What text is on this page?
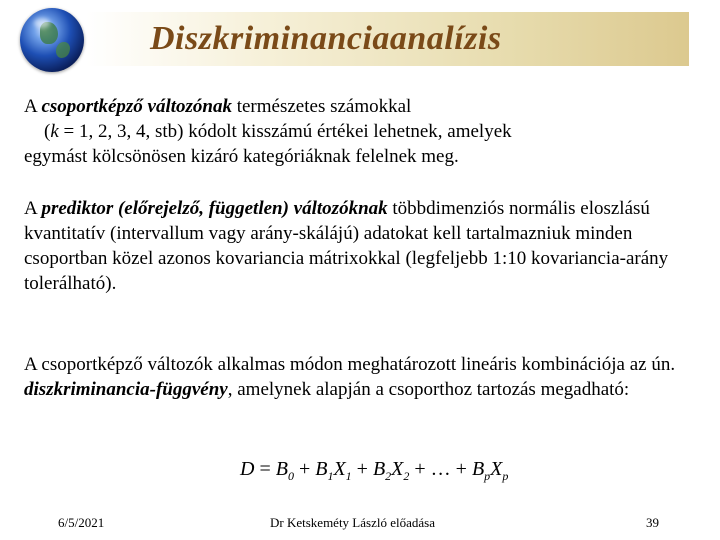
Diszkriminanciaanalízis
A csoportképző változónak természetes számokkal
(k = 1, 2, 3, 4, stb) kódolt kisszámú értékei lehetnek, amelyek
egymást kölcsönösen kizáró kategóriáknak felelnek meg.
A prediktor (előrejelző, független) változóknak többdimenziós normális eloszlású kvantitatív (intervallum vagy arány-skálájú) adatokat kell tartalmazniuk minden csoportban közel azonos kovariancia mátrixokkal (legfeljebb 1:10 kovariancia-arány tolerálható).
A csoportképző változók alkalmas módon meghatározott lineáris kombinációja az ún. diszkriminancia-függvény, amelynek alapján a csoporthoz tartozás megadható:
$D = B_0 + B_1X_1 + B_2X_2$ + … + $B_pX_p$
6/5/2021	Dr Ketskeméty László előadása	39
